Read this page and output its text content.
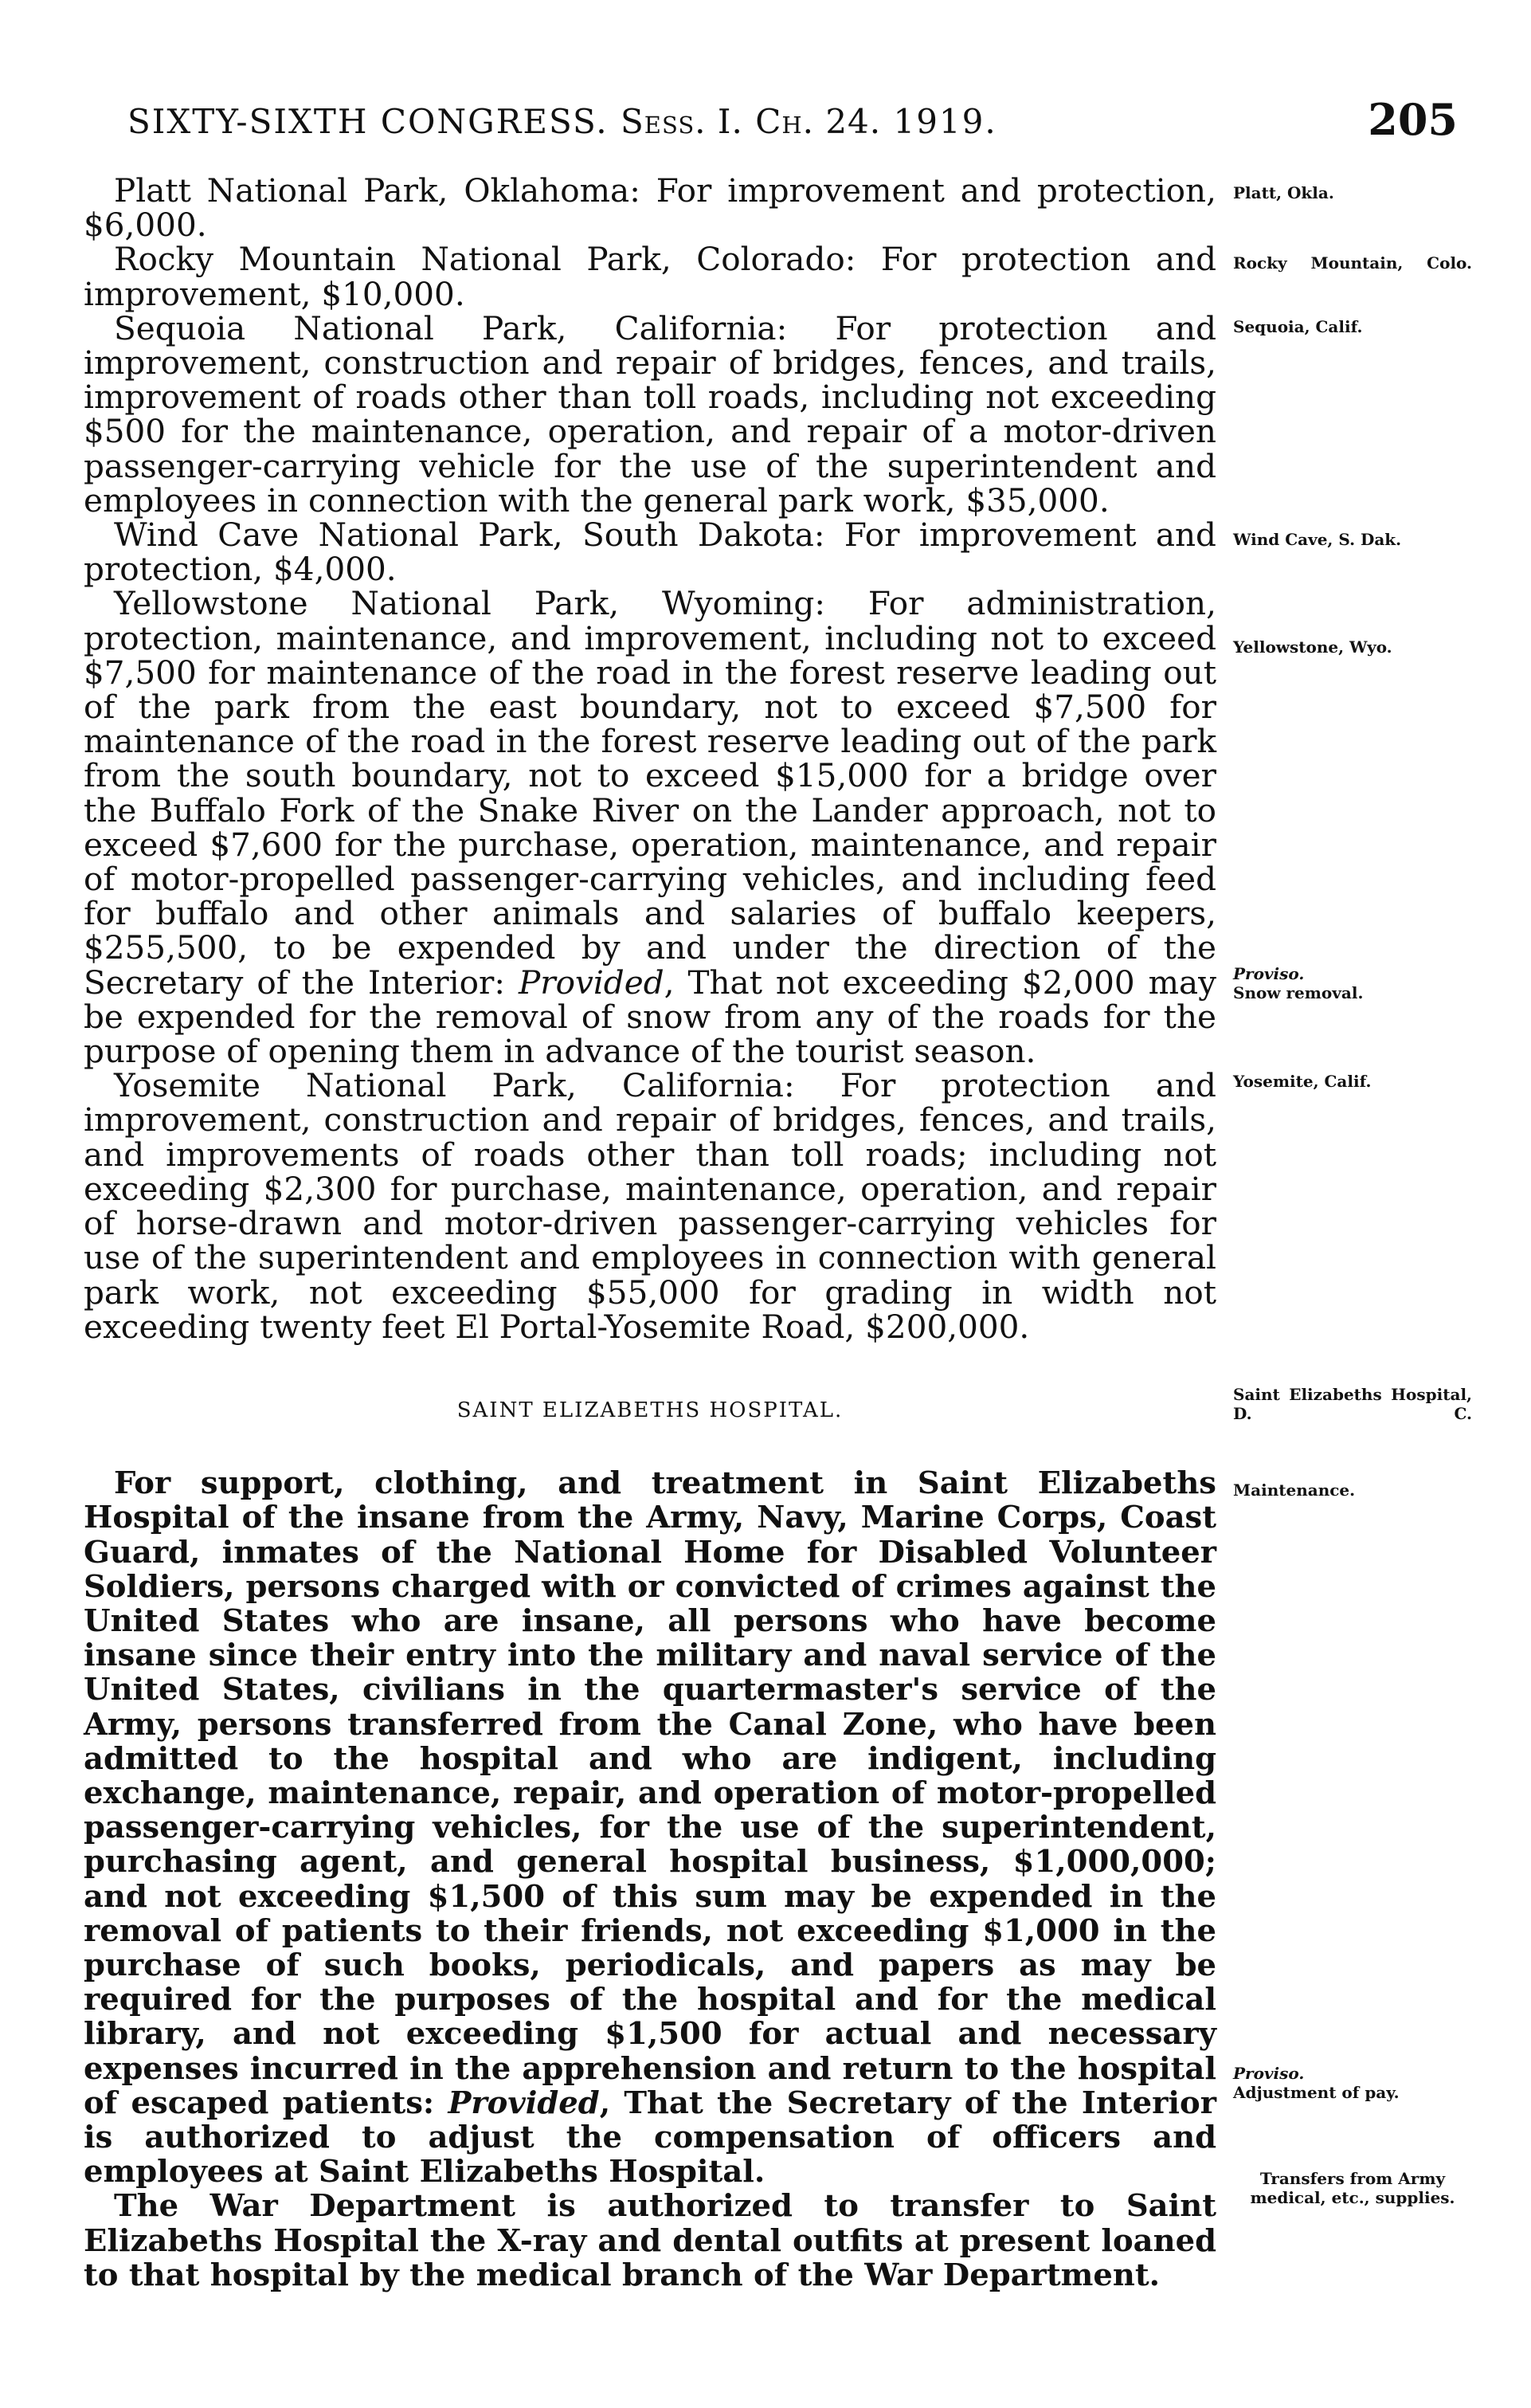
SIXTY-SIXTH CONGRESS. Sess. I. Ch. 24. 1919.	205

Platt National Park, Oklahoma: For improvement and protection, $6,000.

Rocky Mountain National Park, Colorado: For protection and improvement, $10,000.

Sequoia National Park, California: For protection and improvement, construction and repair of bridges, fences, and trails, improvement of roads other than toll roads, including not exceeding $500 for the maintenance, operation, and repair of a motor-driven passenger-carrying vehicle for the use of the superintendent and employees in connection with the general park work, $35,000.

Wind Cave National Park, South Dakota: For improvement and protection, $4,000.

Yellowstone National Park, Wyoming: For administration, protection, maintenance, and improvement, including not to exceed $7,500 for maintenance of the road in the forest reserve leading out of the park from the east boundary, not to exceed $7,500 for maintenance of the road in the forest reserve leading out of the park from the south boundary, not to exceed $15,000 for a bridge over the Buffalo Fork of the Snake River on the Lander approach, not to exceed $7,600 for the purchase, operation, maintenance, and repair of motor-propelled passenger-carrying vehicles, and including feed for buffalo and other animals and salaries of buffalo keepers, $255,500, to be expended by and under the direction of the Secretary of the Interior: Provided, That not exceeding $2,000 may be expended for the removal of snow from any of the roads for the purpose of opening them in advance of the tourist season.

Yosemite National Park, California: For protection and improvement, construction and repair of bridges, fences, and trails, and improvements of roads other than toll roads; including not exceeding $2,300 for purchase, maintenance, operation, and repair of horse-drawn and motor-driven passenger-carrying vehicles for use of the superintendent and employees in connection with general park work, not exceeding $55,000 for grading in width not exceeding twenty feet El Portal-Yosemite Road, $200,000.

SAINT ELIZABETHS HOSPITAL.

For support, clothing, and treatment in Saint Elizabeths Hospital of the insane from the Army, Navy, Marine Corps, Coast Guard, inmates of the National Home for Disabled Volunteer Soldiers, persons charged with or convicted of crimes against the United States who are insane, all persons who have become insane since their entry into the military and naval service of the United States, civilians in the quartermaster's service of the Army, persons transferred from the Canal Zone, who have been admitted to the hospital and who are indigent, including exchange, maintenance, repair, and operation of motor-propelled passenger-carrying vehicles, for the use of the superintendent, purchasing agent, and general hospital business, $1,000,000; and not exceeding $1,500 of this sum may be expended in the removal of patients to their friends, not exceeding $1,000 in the purchase of such books, periodicals, and papers as may be required for the purposes of the hospital and for the medical library, and not exceeding $1,500 for actual and necessary expenses incurred in the apprehension and return to the hospital of escaped patients: Provided, That the Secretary of the Interior is authorized to adjust the compensation of officers and employees at Saint Elizabeths Hospital.

The War Department is authorized to transfer to Saint Elizabeths Hospital the X-ray and dental outfits at present loaned to that hospital by the medical branch of the War Department.

Platt, Okla.
Rocky Mountain, Colo.
Sequoia, Calif.
Wind Cave, S. Dak.
Yellowstone, Wyo.
Proviso.
Snow removal.
Yosemite, Calif.
Saint Elizabeths Hospital, D. C.
Maintenance.
Proviso.
Adjustment of pay.
Transfers from Army medical, etc., supplies.
